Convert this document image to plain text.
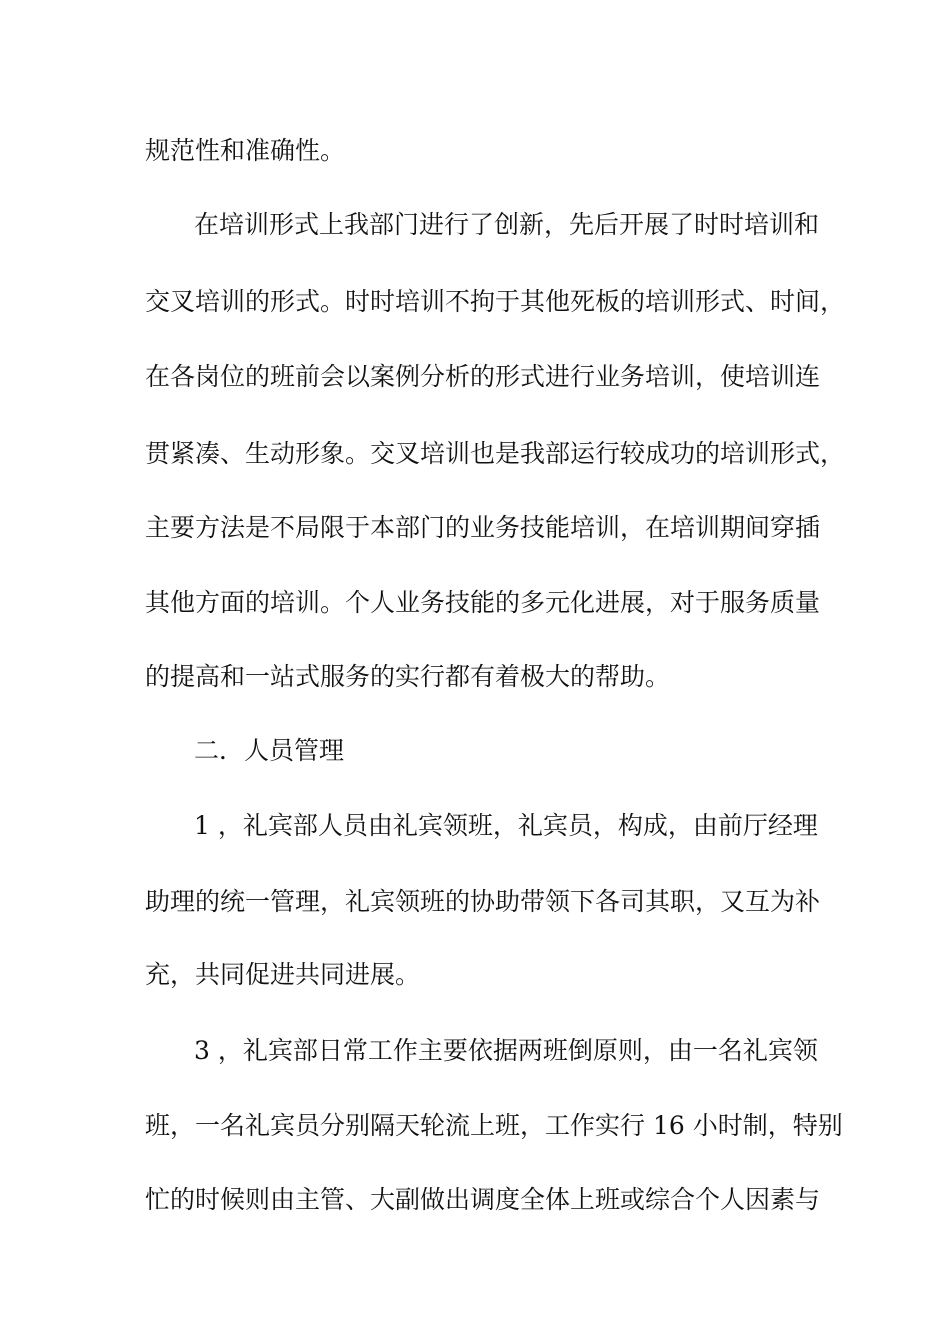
规范性和准确性。
在培训形式上我部门进行了创新，先后开展了时时培训和
交叉培训的形式。时时培训不拘于其他死板的培训形式、时间，
在各岗位的班前会以案例分析的形式进行业务培训，使培训连
贯紧凑、生动形象。交叉培训也是我部运行较成功的培训形式，
主要方法是不局限于本部门的业务技能培训，在培训期间穿插
其他方面的培训。个人业务技能的多元化进展，对于服务质量
的提高和一站式服务的实行都有着极大的帮助。
二．人员管理
1 ，礼宾部人员由礼宾领班，礼宾员，构成，由前厅经理
助理的统一管理，礼宾领班的协助带领下各司其职，又互为补
充，共同促进共同进展。
3 ，礼宾部日常工作主要依据两班倒原则，由一名礼宾领
班，一名礼宾员分别隔天轮流上班，工作实行 16 小时制，特别
忙的时候则由主管、大副做出调度全体上班或综合个人因素与
